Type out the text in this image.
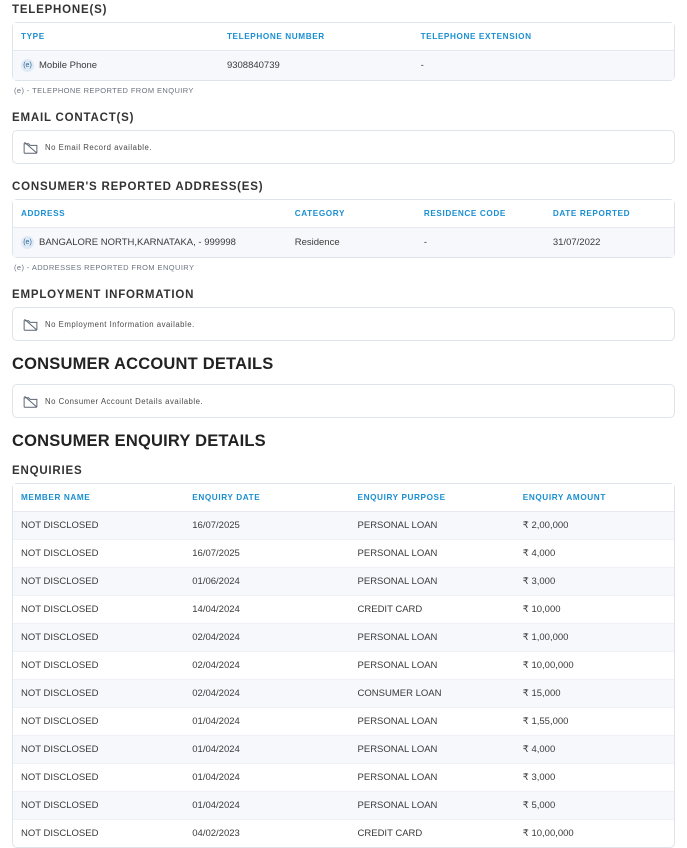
TELEPHONE(S)
TYPE	TELEPHONE NUMBER	TELEPHONE EXTENSION
(e) Mobile Phone	9308840739	-
(e) - TELEPHONE REPORTED FROM ENQUIRY
EMAIL CONTACT(S)
No Email Record available.
CONSUMER'S REPORTED ADDRESS(ES)
ADDRESS	CATEGORY	RESIDENCE CODE	DATE REPORTED
(e) BANGALORE NORTH,KARNATAKA, - 999998	Residence	-	31/07/2022
(e) - ADDRESSES REPORTED FROM ENQUIRY
EMPLOYMENT INFORMATION
No Employment Information available.
CONSUMER ACCOUNT DETAILS
No Consumer Account Details available.
CONSUMER ENQUIRY DETAILS
ENQUIRIES
MEMBER NAME	ENQUIRY DATE	ENQUIRY PURPOSE	ENQUIRY AMOUNT
NOT DISCLOSED	16/07/2025	PERSONAL LOAN	₹ 2,00,000
NOT DISCLOSED	16/07/2025	PERSONAL LOAN	₹ 4,000
NOT DISCLOSED	01/06/2024	PERSONAL LOAN	₹ 3,000
NOT DISCLOSED	14/04/2024	CREDIT CARD	₹ 10,000
NOT DISCLOSED	02/04/2024	PERSONAL LOAN	₹ 1,00,000
NOT DISCLOSED	02/04/2024	PERSONAL LOAN	₹ 10,00,000
NOT DISCLOSED	02/04/2024	CONSUMER LOAN	₹ 15,000
NOT DISCLOSED	01/04/2024	PERSONAL LOAN	₹ 1,55,000
NOT DISCLOSED	01/04/2024	PERSONAL LOAN	₹ 4,000
NOT DISCLOSED	01/04/2024	PERSONAL LOAN	₹ 3,000
NOT DISCLOSED	01/04/2024	PERSONAL LOAN	₹ 5,000
NOT DISCLOSED	04/02/2023	CREDIT CARD	₹ 10,00,000
